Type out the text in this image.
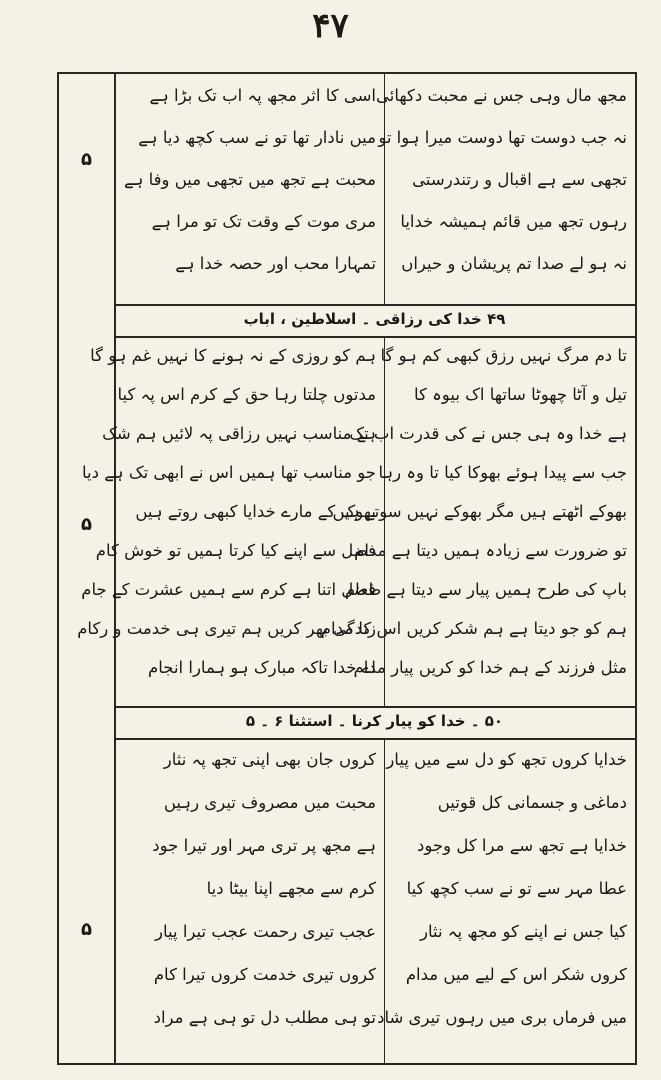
۴۷
۵
مجھ مال وہی جس نے محبت دکھائی
نہ جب دوست تھا دوست میرا ہوا تو
تجھی سے ہے اقبال و رتندرستی
رہوں تجھ میں قائم ہمیشہ خدایا
نہ ہو لے صدا تم پریشان و حیراں
اسی کا اثر مجھ پہ اب تک بڑا ہے
میں نادار تھا تو نے سب کچھ دیا ہے
محبت ہے تجھ میں تجھی میں وفا ہے
مری موت کے وقت تک تو مرا ہے
تمہارا محب اور حصہ خدا ہے
۴۹ خدا کی رزاقی ۔ اسلاطین ، اباب
۵
تا دم مرگ نہیں رزق کبھی کم ہو گا
تیل و آٹا چھوٹا ساتھا اک بیوہ کا
ہے خدا وہ ہی جس نے کی قدرت اب تک
جب سے پیدا ہوئے بھوکا کیا تا وہ رہا
بھوکے اٹھتے ہیں مگر بھوکے نہیں سوتے ہیں
تو ضرورت سے زیادہ ہمیں دیتا ہے مدام
باپ کی طرح ہمیں پیار سے دیتا ہے طعام
ہم کو جو دیتا ہے ہم شکر کریں اس کا مدام
مثل فرزند کے ہم خدا کو کریں پیار مدام
ہم کو روزی کے نہ ہونے کا نہیں غم ہو گا
مدتوں چلتا رہا حق کے کرم اس پہ کیا
ہے مناسب نہیں رزاقی پہ لائیں ہم شک
جو مناسب تھا ہمیں اس نے ابھی تک ہے دیا
بھوک کے مارے خدایا کبھی روتے ہیں
فضل سے اپنے کیا کرتا ہمیں تو خوش کام
فضل اتنا ہے کرم سے ہمیں عشرت کے جام
زندگی بھر کریں ہم تیری ہی خدمت و رکام
اے خدا تاکہ مبارک ہو ہمارا انجام
۵۰ ۔ خدا کو پیار کرنا ۔ استثنا ۶ ۔ ۵
۵
خدایا کروں تجھ کو دل سے میں پیار
دماغی و جسمانی کل قوتیں
خدایا ہے تجھ سے مرا کل وجود
عطا مہر سے تو نے سب کچھ کیا
کیا جس نے اپنے کو مجھ پہ نثار
کروں شکر اس کے لیے میں مدام
میں فرماں بری میں رہوں تیری شاد
کروں جان بھی اپنی تجھ پہ نثار
محبت میں مصروف تیری رہیں
ہے مجھ پر تری مہر اور تیرا جود
کرم سے مجھے اپنا بیٹا دیا
عجب تیری رحمت عجب تیرا پیار
کروں تیری خدمت کروں تیرا کام
تو ہی مطلب دل تو ہی ہے مراد
